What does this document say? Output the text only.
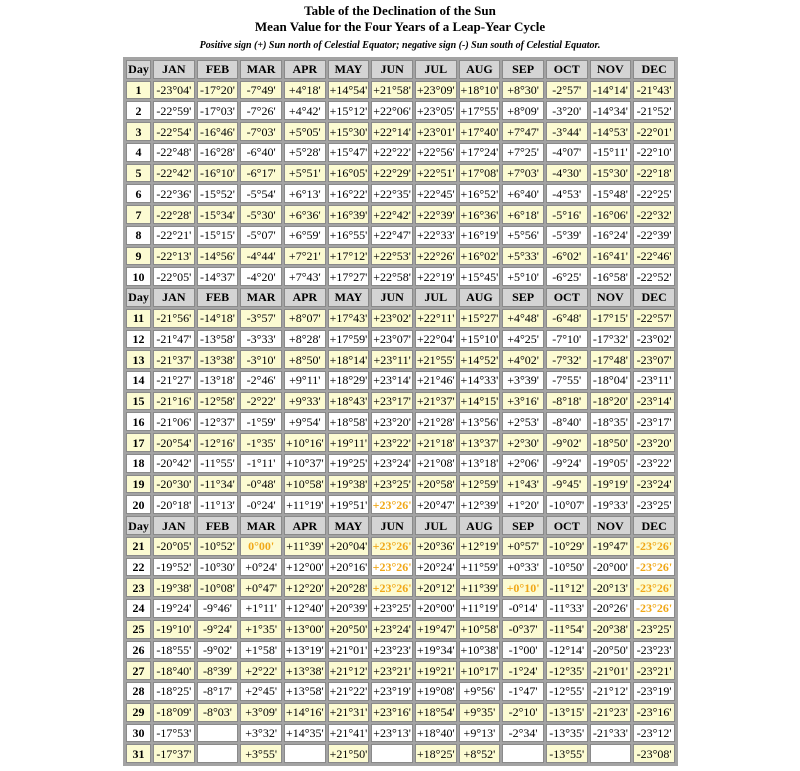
Table of the Declination of the Sun
Mean Value for the Four Years of a Leap-Year Cycle
Positive sign (+) Sun north of Celestial Equator; negative sign (-) Sun south of Celestial Equator.
Day	JAN	FEB	MAR	APR	MAY	JUN	JUL	AUG	SEP	OCT	NOV	DEC
1	-23°04'	-17°20'	-7°49'	+4°18'	+14°54'	+21°58'	+23°09'	+18°10'	+8°30'	-2°57'	-14°14'	-21°43'
2	-22°59'	-17°03'	-7°26'	+4°42'	+15°12'	+22°06'	+23°05'	+17°55'	+8°09'	-3°20'	-14°34'	-21°52'
3	-22°54'	-16°46'	-7°03'	+5°05'	+15°30'	+22°14'	+23°01'	+17°40'	+7°47'	-3°44'	-14°53'	-22°01'
4	-22°48'	-16°28'	-6°40'	+5°28'	+15°47'	+22°22'	+22°56'	+17°24'	+7°25'	-4°07'	-15°11'	-22°10'
5	-22°42'	-16°10'	-6°17'	+5°51'	+16°05'	+22°29'	+22°51'	+17°08'	+7°03'	-4°30'	-15°30'	-22°18'
6	-22°36'	-15°52'	-5°54'	+6°13'	+16°22'	+22°35'	+22°45'	+16°52'	+6°40'	-4°53'	-15°48'	-22°25'
7	-22°28'	-15°34'	-5°30'	+6°36'	+16°39'	+22°42'	+22°39'	+16°36'	+6°18'	-5°16'	-16°06'	-22°32'
8	-22°21'	-15°15'	-5°07'	+6°59'	+16°55'	+22°47'	+22°33'	+16°19'	+5°56'	-5°39'	-16°24'	-22°39'
9	-22°13'	-14°56'	-4°44'	+7°21'	+17°12'	+22°53'	+22°26'	+16°02'	+5°33'	-6°02'	-16°41'	-22°46'
10	-22°05'	-14°37'	-4°20'	+7°43'	+17°27'	+22°58'	+22°19'	+15°45'	+5°10'	-6°25'	-16°58'	-22°52'
Day	JAN	FEB	MAR	APR	MAY	JUN	JUL	AUG	SEP	OCT	NOV	DEC
11	-21°56'	-14°18'	-3°57'	+8°07'	+17°43'	+23°02'	+22°11'	+15°27'	+4°48'	-6°48'	-17°15'	-22°57'
12	-21°47'	-13°58'	-3°33'	+8°28'	+17°59'	+23°07'	+22°04'	+15°10'	+4°25'	-7°10'	-17°32'	-23°02'
13	-21°37'	-13°38'	-3°10'	+8°50'	+18°14'	+23°11'	+21°55'	+14°52'	+4°02'	-7°32'	-17°48'	-23°07'
14	-21°27'	-13°18'	-2°46'	+9°11'	+18°29'	+23°14'	+21°46'	+14°33'	+3°39'	-7°55'	-18°04'	-23°11'
15	-21°16'	-12°58'	-2°22'	+9°33'	+18°43'	+23°17'	+21°37'	+14°15'	+3°16'	-8°18'	-18°20'	-23°14'
16	-21°06'	-12°37'	-1°59'	+9°54'	+18°58'	+23°20'	+21°28'	+13°56'	+2°53'	-8°40'	-18°35'	-23°17'
17	-20°54'	-12°16'	-1°35'	+10°16'	+19°11'	+23°22'	+21°18'	+13°37'	+2°30'	-9°02'	-18°50'	-23°20'
18	-20°42'	-11°55'	-1°11'	+10°37'	+19°25'	+23°24'	+21°08'	+13°18'	+2°06'	-9°24'	-19°05'	-23°22'
19	-20°30'	-11°34'	-0°48'	+10°58'	+19°38'	+23°25'	+20°58'	+12°59'	+1°43'	-9°45'	-19°19'	-23°24'
20	-20°18'	-11°13'	-0°24'	+11°19'	+19°51'	+23°26'	+20°47'	+12°39'	+1°20'	-10°07'	-19°33'	-23°25'
Day	JAN	FEB	MAR	APR	MAY	JUN	JUL	AUG	SEP	OCT	NOV	DEC
21	-20°05'	-10°52'	0°00'	+11°39'	+20°04'	+23°26'	+20°36'	+12°19'	+0°57'	-10°29'	-19°47'	-23°26'
22	-19°52'	-10°30'	+0°24'	+12°00'	+20°16'	+23°26'	+20°24'	+11°59'	+0°33'	-10°50'	-20°00'	-23°26'
23	-19°38'	-10°08'	+0°47'	+12°20'	+20°28'	+23°26'	+20°12'	+11°39'	+0°10'	-11°12'	-20°13'	-23°26'
24	-19°24'	-9°46'	+1°11'	+12°40'	+20°39'	+23°25'	+20°00'	+11°19'	-0°14'	-11°33'	-20°26'	-23°26'
25	-19°10'	-9°24'	+1°35'	+13°00'	+20°50'	+23°24'	+19°47'	+10°58'	-0°37'	-11°54'	-20°38'	-23°25'
26	-18°55'	-9°02'	+1°58'	+13°19'	+21°01'	+23°23'	+19°34'	+10°38'	-1°00'	-12°14'	-20°50'	-23°23'
27	-18°40'	-8°39'	+2°22'	+13°38'	+21°12'	+23°21'	+19°21'	+10°17'	-1°24'	-12°35'	-21°01'	-23°21'
28	-18°25'	-8°17'	+2°45'	+13°58'	+21°22'	+23°19'	+19°08'	+9°56'	-1°47'	-12°55'	-21°12'	-23°19'
29	-18°09'	-8°03'	+3°09'	+14°16'	+21°31'	+23°16'	+18°54'	+9°35'	-2°10'	-13°15'	-21°23'	-23°16'
30	-17°53'		+3°32'	+14°35'	+21°41'	+23°13'	+18°40'	+9°13'	-2°34'	-13°35'	-21°33'	-23°12'
31	-17°37'		+3°55'		+21°50'		+18°25'	+8°52'		-13°55'		-23°08'
